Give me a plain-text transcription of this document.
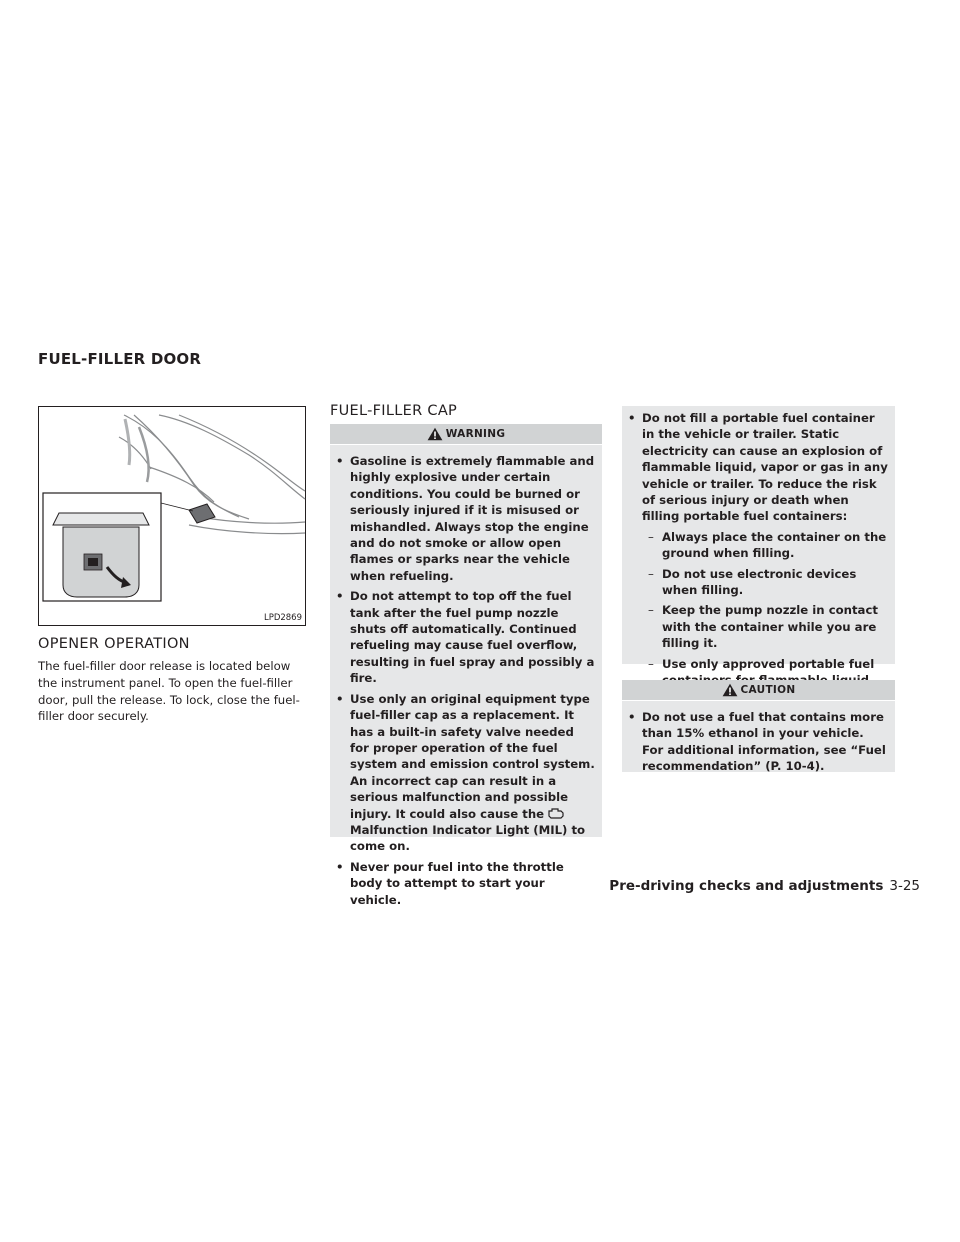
FUEL-FILLER DOOR
LPD2869
OPENER OPERATION
The fuel-filler door release is located below the instrument panel. To open the fuel-filler door, pull the release. To lock, close the fuel-filler door securely.
FUEL-FILLER CAP
WARNING
• Gasoline is extremely flammable and highly explosive under certain conditions. You could be burned or seriously injured if it is misused or mishandled. Always stop the engine and do not smoke or allow open flames or sparks near the vehicle when refueling.
• Do not attempt to top off the fuel tank after the fuel pump nozzle shuts off automatically. Continued refueling may cause fuel overflow, resulting in fuel spray and possibly a fire.
• Use only an original equipment type fuel-filler cap as a replacement. It has a built-in safety valve needed for proper operation of the fuel system and emission control system. An incorrect cap can result in a serious malfunction and possible injury. It could also cause theMalfunction Indicator Light (MIL) to come on.
• Never pour fuel into the throttle body to attempt to start your vehicle.
• Do not fill a portable fuel container in the vehicle or trailer. Static electricity can cause an explosion of flammable liquid, vapor or gas in any vehicle or trailer. To reduce the risk of serious injury or death when filling portable fuel containers:
– Always place the container on the ground when filling.
– Do not use electronic devices when filling.
– Keep the pump nozzle in contact with the container while you are filling it.
– Use only approved portable fuel
CAUTION
• Do not use a fuel that contains more than 15% ethanol in your vehicle. For additional information, see “Fuel recommendation” (P. 10-4).
Pre-driving checks and adjustments 3-25
